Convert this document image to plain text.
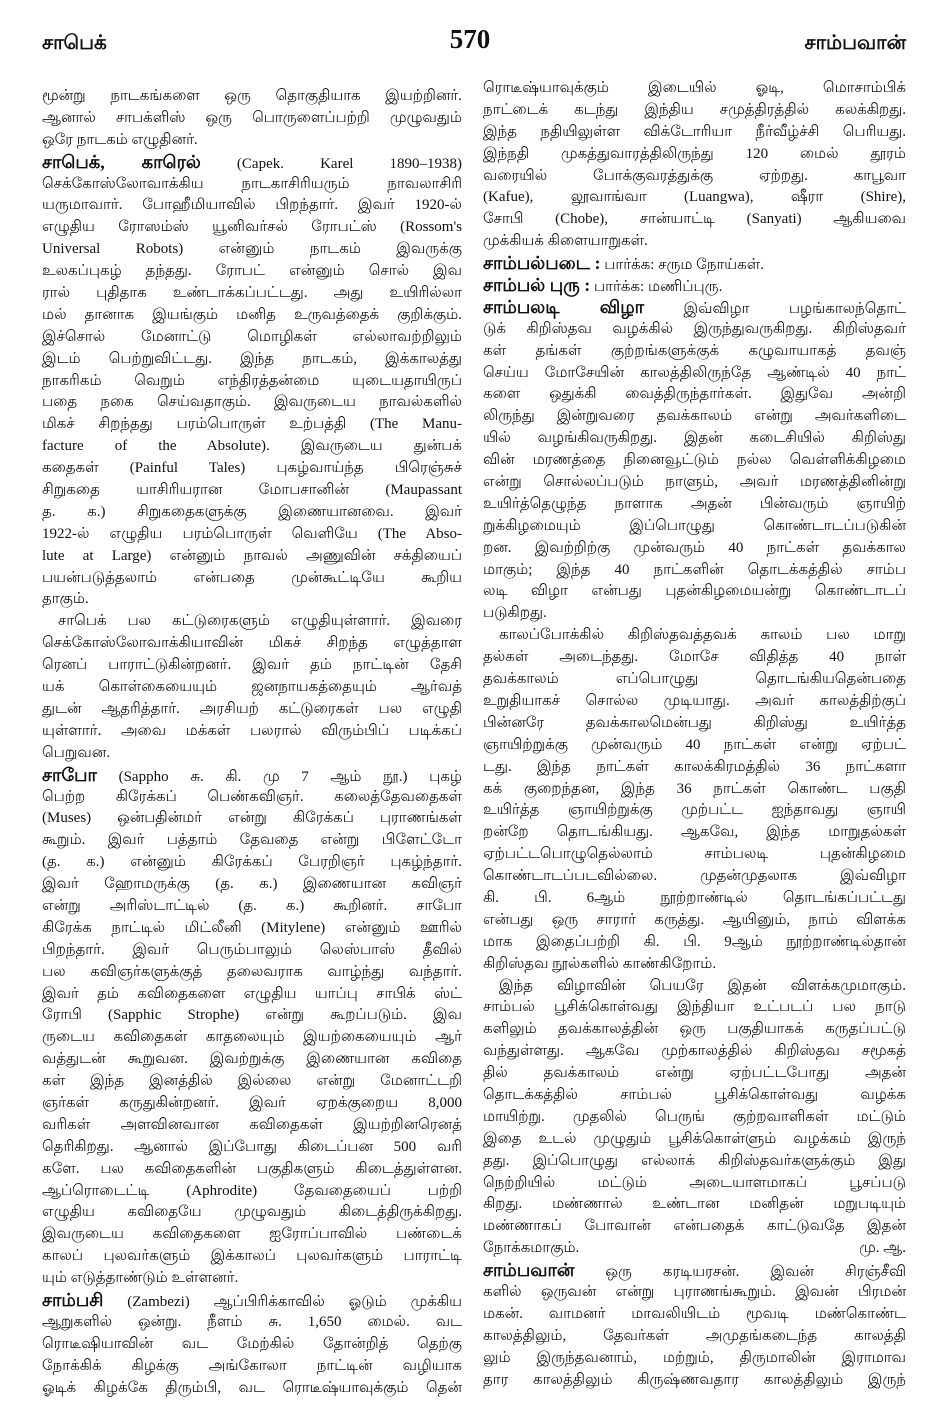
சாபெக்	570	சாம்பவான்
மூன்று நாடகங்களை ஒரு தொகுதியாக இயற்றினர்.
ஆனால் சாபக்ளிஸ் ஒரு பொருளைப்பற்றி முழுவதும்
ஒரே நாடகம் எழுதினர்.
சாபெக், காரெல் (Capek. Karel 1890–1938)
செக்கோஸ்லோவாக்கிய நாடகாசிரியரும் நாவலாசிரி
யருமாவார். போஹீமியாவில் பிறந்தார். இவர் 1920-ல்
எழுதிய ரோஸம்ஸ் யூனிவர்சல் ரோபட்ஸ் (Rossom's
Universal Robots) என்னும் நாடகம் இவருக்கு
உலகப்புகழ் தந்தது. ரோபட் என்னும் சொல் இவ
ரால் புதிதாக உண்டாக்கப்பட்டது. அது உயிரில்லா
மல் தானாக இயங்கும் மனித உருவத்தைக் குறிக்கும்.
இச்சொல் மேனாட்டு மொழிகள் எல்லாவற்றிலும்
இடம் பெற்றுவிட்டது. இந்த நாடகம், இக்காலத்து
நாகரிகம் வெறும் எந்திரத்தன்மை யுடையதாயிருப்
பதை நகை செய்வதாகும். இவருடைய நாவல்களில்
மிகச் சிறந்தது பரம்பொருள் உற்பத்தி (The Manu-
facture of the Absolute). இவருடைய துன்பக்
கதைகள் (Painful Tales) புகழ்வாய்ந்த பிரெஞ்சுச்
சிறுகதை யாசிரியரான மோபசானின் (Maupassant
த. க.) சிறுகதைகளுக்கு இணையானவை. இவர்
1922-ல் எழுதிய பரம்பொருள் வெளியே (The Abso-
lute at Large) என்னும் நாவல் அணுவின் சக்தியைப்
பயன்படுத்தலாம் என்பதை முன்கூட்டியே கூறிய
தாகும்.
சாபெக் பல கட்டுரைகளும் எழுதியுள்ளார். இவரை
செக்கோஸ்லோவாக்கியாவின் மிகச் சிறந்த எழுத்தாள
ரெனப் பாராட்டுகின்றனர். இவர் தம் நாட்டின் தேசி
யக் கொள்கையையும் ஜனநாயகத்தையும் ஆர்வத்
துடன் ஆதரித்தார். அரசியற் கட்டுரைகள் பல எழுதி
யுள்ளார். அவை மக்கள் பலரால் விரும்பிப் படிக்கப்
பெறுவன.
சாபோ (Sappho சு. கி. மு 7 ஆம் நூ.) புகழ்
பெற்ற கிரேக்கப் பெண்கவிஞர். கலைத்தேவதைகள்
(Muses) ஒன்பதின்மர் என்று கிரேக்கப் புராணங்கள்
கூறும். இவர் பத்தாம் தேவதை என்று பிளேட்டோ
(த. க.) என்னும் கிரேக்கப் பேரறிஞர் புகழ்ந்தார்.
இவர் ஹோமருக்கு (த. க.) இணையான கவிஞர்
என்று அரிஸ்டாட்டில் (த. க.) கூறினர். சாபோ
கிரேக்க நாட்டில் மிட்லீனி (Mitylene) என்னும் ஊரில்
பிறந்தார். இவர் பெரும்பாலும் லெஸ்பாஸ் தீவில்
பல கவிஞர்களுக்குத் தலைவராக வாழ்ந்து வந்தார்.
இவர் தம் கவிதைகளை எழுதிய யாப்பு சாபிக் ஸ்ட்
ரோபி (Sapphic Strophe) என்று கூறப்படும். இவ
ருடைய கவிதைகள் காதலையும் இயற்கையையும் ஆர்
வத்துடன் கூறுவன. இவற்றுக்கு இணையான கவிதை
கள் இந்த இனத்தில் இல்லை என்று மேனாட்டறி
ஞர்கள் கருதுகின்றனர். இவர் ஏறக்குறைய 8,000
வரிகள் அளவினவான கவிதைகள் இயற்றினரெனத்
தெரிகிறது. ஆனால் இப்போது கிடைப்பன 500 வரி
களே. பல கவிதைகளின் பகுதிகளும் கிடைத்துள்ளன.
ஆப்ரொடைட்டி (Aphrodite) தேவதையைப் பற்றி
எழுதிய கவிதையே முழுவதும் கிடைத்திருக்கிறது.
இவருடைய கவிதைகளை ஐரோப்பாவில் பண்டைக்
காலப் புலவர்களும் இக்காலப் புலவர்களும் பாராட்டி
யும் எடுத்தாண்டும் உள்ளனர்.
சாம்பசி (Zambezi) ஆப்பிரிக்காவில் ஓடும் முக்கிய
ஆறுகளில் ஒன்று. நீளம் சு. 1,650 மைல். வட
ரொடீஷியாவின் வட மேற்கில் தோன்றித் தெற்கு
நோக்கிக் கிழக்கு அங்கோலா நாட்டின் வழியாக
ஓடிக் கிழக்கே திரும்பி, வட ரொடீஷ்யாவுக்கும் தென்
ரொடீஷ்யாவுக்கும் இடையில் ஓடி, மொசாம்பிக்
நாட்டைக் கடந்து இந்திய சமுத்திரத்தில் கலக்கிறது.
இந்த நதியிலுள்ள விக்டோரியா நீர்வீழ்ச்சி பெரியது.
இந்நதி முகத்துவாரத்திலிருந்து 120 மைல் தூரம்
வரையில் போக்குவரத்துக்கு ஏற்றது. காபூவா
(Kafue), லூவாங்வா (Luangwa), ஷீரா (Shire),
சோபி (Chobe), சான்யாட்டி (Sanyati) ஆகியவை
முக்கியக் கிளையாறுகள்.
சாம்பல்படை : பார்க்க: சரும நோய்கள்.
சாம்பல் புரு : பார்க்க: மணிப்புரு.
சாம்பலடி விழா	இவ்விழா பழங்காலந்தொட்
டுக் கிறிஸ்தவ வழக்கில் இருந்துவருகிறது. கிறிஸ்தவர்
கள் தங்கள் குற்றங்களுக்குக் கழுவாயாகத் தவஞ்
செய்ய மோசேயின் காலத்திலிருந்தே ஆண்டில் 40 நாட்
களை ஒதுக்கி வைத்திருந்தார்கள். இதுவே அன்றி
லிருந்து இன்றுவரை தவக்காலம் என்று அவர்களிடை
யில் வழங்கிவருகிறது. இதன் கடைசியில் கிறிஸ்து
வின் மரணத்தை நினைவூட்டும் நல்ல வெள்ளிக்கிழமை
என்று சொல்லப்படும் நாளும், அவர் மரணத்தினின்று
உயிர்த்தெழுந்த நாளாக அதன் பின்வரும் ஞாயிற்
றுக்கிழமையும் இப்பொழுது கொண்டாடப்படுகின்
றன. இவற்றிற்கு முன்வரும் 40 நாட்கள் தவக்கால
மாகும்; இந்த 40 நாட்களின் தொடக்கத்தில் சாம்ப
லடி விழா என்பது புதன்கிழமையன்று கொண்டாடப்
படுகிறது.
காலப்போக்கில் கிறிஸ்தவத்தவக் காலம் பல மாறு
தல்கள் அடைந்தது. மோசே விதித்த 40 நாள்
தவக்காலம் எப்பொழுது தொடங்கியதென்பதை
உறுதியாகச் சொல்ல முடியாது. அவர் காலத்திற்குப்
பின்னரே தவக்காலமென்பது கிறிஸ்து உயிர்த்த
ஞாயிற்றுக்கு முன்வரும் 40 நாட்கள் என்று ஏற்பட்
டது. இந்த நாட்கள் காலக்கிரமத்தில் 36 நாட்களா
கக் குறைந்தன, இந்த 36 நாட்கள் கொண்ட பகுதி
உயிர்த்த ஞாயிற்றுக்கு முற்பட்ட ஐந்தாவது ஞாயி
றன்றே தொடங்கியது. ஆகவே, இந்த மாறுதல்கள்
ஏற்பட்டபொழுதெல்லாம் சாம்பலடி புதன்கிழமை
கொண்டாடப்படவில்லை. முதன்முதலாக இவ்விழா
கி. பி. 6ஆம் நூற்றாண்டில் தொடங்கப்பட்டது
என்பது ஒரு சாரார் கருத்து. ஆயினும், நாம் விளக்க
மாக இதைப்பற்றி கி. பி. 9ஆம் நூற்றாண்டில்தான்
கிறிஸ்தவ நூல்களில் காண்கிறோம்.
இந்த விழாவின் பெயரே இதன் விளக்கமுமாகும்.
சாம்பல் பூசிக்கொள்வது இந்தியா உட்படப் பல நாடு
களிலும் தவக்காலத்தின் ஒரு பகுதியாகக் கருதப்பட்டு
வந்துள்ளது. ஆகவே முற்காலத்தில் கிறிஸ்தவ சமூகத்
தில் தவக்காலம் என்று ஏற்பட்டபோது அதன்
தொடக்கத்தில் சாம்பல் பூசிக்கொள்வது வழக்க
மாயிற்று. முதலில் பெருங் குற்றவாளிகள் மட்டும்
இதை உடல் முழுதும் பூசிக்கொள்ளும் வழக்கம் இருந்
தது. இப்பொழுது எல்லாக் கிறிஸ்தவர்களுக்கும் இது
நெற்றியில் மட்டும் அடையாளமாகப் பூசப்படு
கிறது. மண்ணால் உண்டான மனிதன் மறுபடியும்
மண்ணாகப் போவான் என்பதைக் காட்டுவதே இதன்
நோக்கமாகும்.	மு. ஆ.
சாம்பவான் ஒரு கரடியரசன். இவன் சிரஞ்சீவி
களில் ஒருவன் என்று புராணங்கூறும். இவன் பிரமன்
மகன். வாமனர் மாவலியிடம் மூவடி மண்கொண்ட
காலத்திலும், தேவர்கள் அமுதங்கடைந்த காலத்தி
லும் இருந்தவனாம், மற்றும், திருமாலின் இராமாவ
தார காலத்திலும் கிருஷ்ணவதார காலத்திலும் இருந்
